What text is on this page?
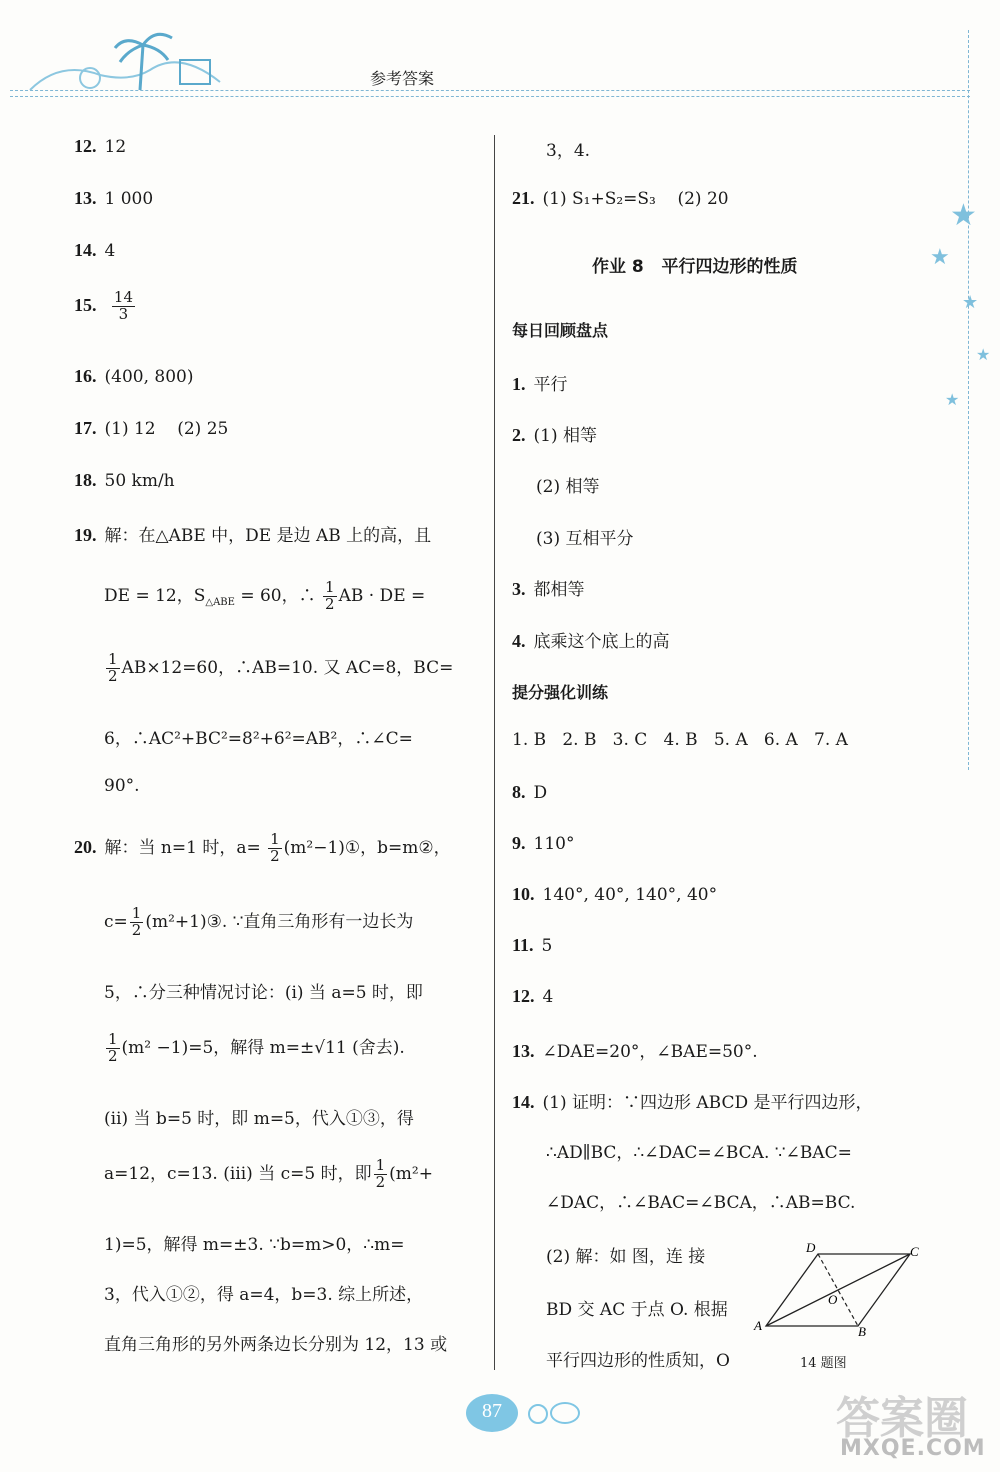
参考答案
★
★
★
★
★
12. 12
13. 1 000
14. 4
15. $\frac{14}{3}$
16. (400, 800)
17. (1) 12    (2) 25
18. 50 km/h
19. 解：在△ABE 中，DE 是边 AB 上的高，且
DE = 12，$S_{\triangle ABE} = 60$，∴ $\frac{1}{2}$ AB · DE =
$\frac{1}{2} AB\times 12=60$，∴AB=10. 又 AC=8，BC=
6，∴AC²+BC²=8²+6²=AB²，∴∠C=
90°.
20. 解：当 n=1 时，$a= \frac{1}{2}$ (m²−1)①，b=m②，
$c= \frac{1}{2}$ (m²+1)③. ∵直角三角形有一边长为
5，∴分三种情况讨论：(ⅰ) 当 a=5 时，即
$\frac{1}{2} (m^2 -1)=5$，解得 m=±√11 (舍去).
(ⅱ) 当 b=5 时，即 m=5，代入①③，得
a=12，c=13. (ⅲ) 当 c=5 时，即 $\frac{1}{2} (m^2+$
1)=5，解得 m=±3. ∵b=m>0，∴m=
3，代入①②，得 a=4，b=3. 综上所述，
直角三角形的另外两条边长分别为 12，13 或
3，4.
21. (1) S₁+S₂=S₃    (2) 20
作业 8   平行四边形的性质
每日回顾盘点
1. 平行
2. (1) 相等
(2) 相等
(3) 互相平分
3. 都相等
4. 底乘这个底上的高
提分强化训练
1. B   2. B   3. C   4. B   5. A   6. A   7. A
8. D
9. 110°
10. 140°, 40°, 140°, 40°
11. 5
12. 4
13. ∠DAE=20°，∠BAE=50°.
14. (1) 证明：∵四边形 ABCD 是平行四边形，
∴AD∥BC，∴∠DAC=∠BCA. ∵∠BAC=
∠DAC，∴∠BAC=∠BCA，∴AB=BC.
(2) 解：如 图，连 接
BD 交 AC 于点 O. 根据
平行四边形的性质知，O
A	B
C
D
O
14 题图
87	答案圈
MXQE.COM
